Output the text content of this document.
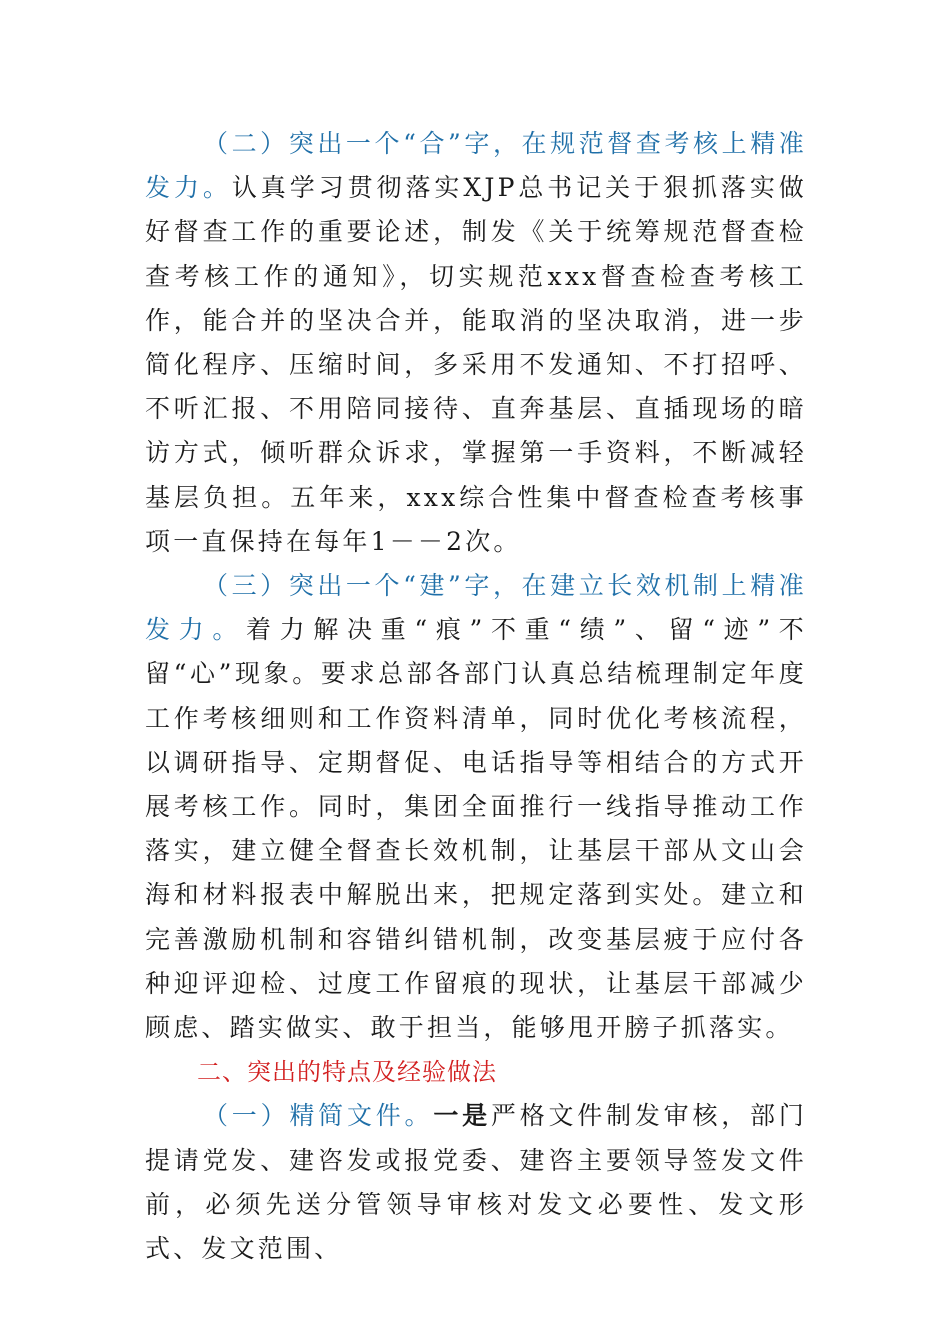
（二）突出一个“合”字，在规范督查考核上精准发力。认真学习贯彻落实XJP总书记关于狠抓落实做好督查工作的重要论述，制发《关于统筹规范督查检查考核工作的通知》，切实规范xxx督查检查考核工作，能合并的坚决合并，能取消的坚决取消，进一步简化程序、压缩时间，多采用不发通知、不打招呼、不听汇报、不用陪同接待、直奔基层、直插现场的暗访方式，倾听群众诉求，掌握第一手资料，不断减轻基层负担。五年来，xxx综合性集中督查检查考核事项一直保持在每年1－－2次。

（三）突出一个“建”字，在建立长效机制上精准发力。着力解决重“痕”不重“绩”、留“迹”不留“心”现象。要求总部各部门认真总结梳理制定年度工作考核细则和工作资料清单，同时优化考核流程，以调研指导、定期督促、电话指导等相结合的方式开展考核工作。同时，集团全面推行一线指导推动工作落实，建立健全督查长效机制，让基层干部从文山会海和材料报表中解脱出来，把规定落到实处。建立和完善激励机制和容错纠错机制，改变基层疲于应付各种迎评迎检、过度工作留痕的现状，让基层干部减少顾虑、踏实做实、敢于担当，能够甩开膀子抓落实。

二、突出的特点及经验做法

（一）精简文件。一是严格文件制发审核，部门提请党发、建咨发或报党委、建咨主要领导签发文件前，必须先送分管领导审核对发文必要性、发文形式、发文范围、
